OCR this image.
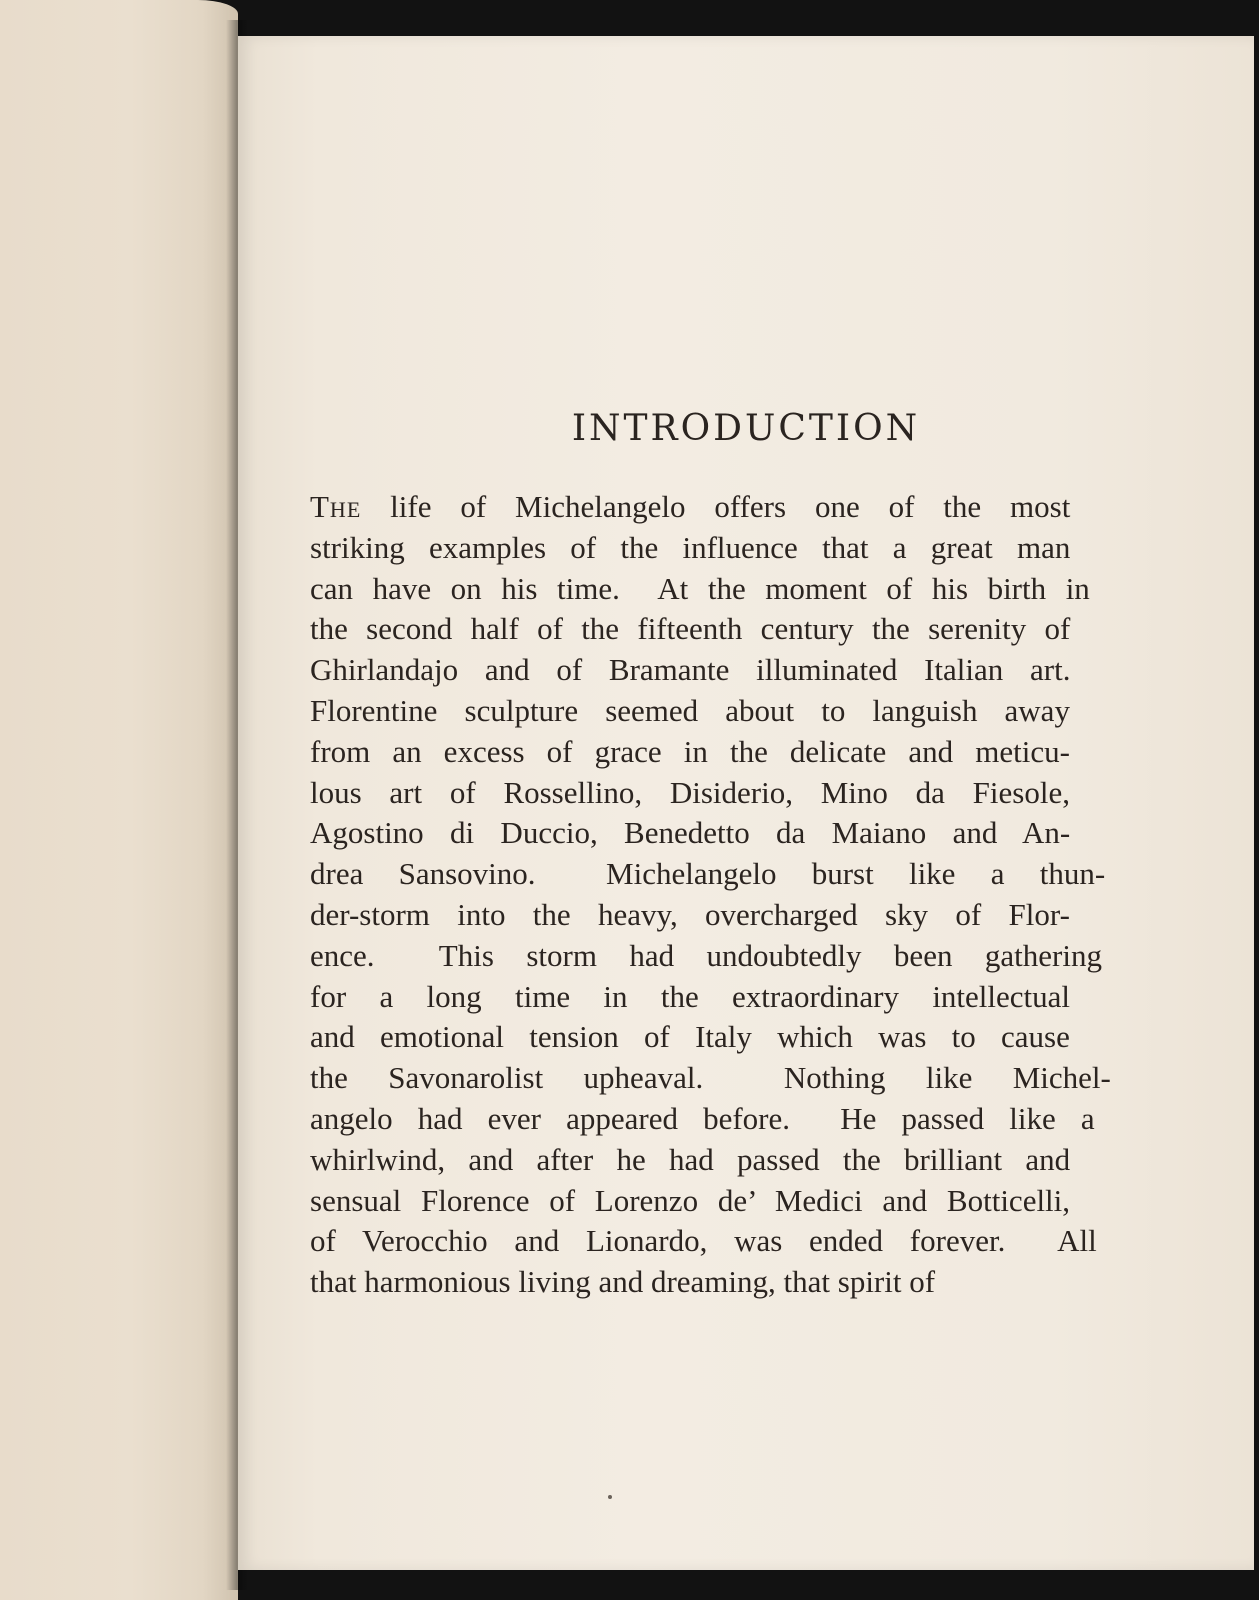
INTRODUCTION
The life of Michelangelo offers one of the most
striking examples of the influence that a great man
can have on his time.  At the moment of his birth in
the second half of the fifteenth century the serenity of
Ghirlandajo and of Bramante illuminated Italian art.
Florentine sculpture seemed about to languish away
from an excess of grace in the delicate and meticu-
lous art of Rossellino, Disiderio, Mino da Fiesole,
Agostino di Duccio, Benedetto da Maiano and An-
drea Sansovino.  Michelangelo burst like a thun-
der-storm into the heavy, overcharged sky of Flor-
ence.  This storm had undoubtedly been gathering
for a long time in the extraordinary intellectual
and emotional tension of Italy which was to cause
the Savonarolist upheaval.  Nothing like Michel-
angelo had ever appeared before.  He passed like a
whirlwind, and after he had passed the brilliant and
sensual Florence of Lorenzo de’ Medici and Botticelli,
of Verocchio and Lionardo, was ended forever.  All
that harmonious living and dreaming, that spirit of
